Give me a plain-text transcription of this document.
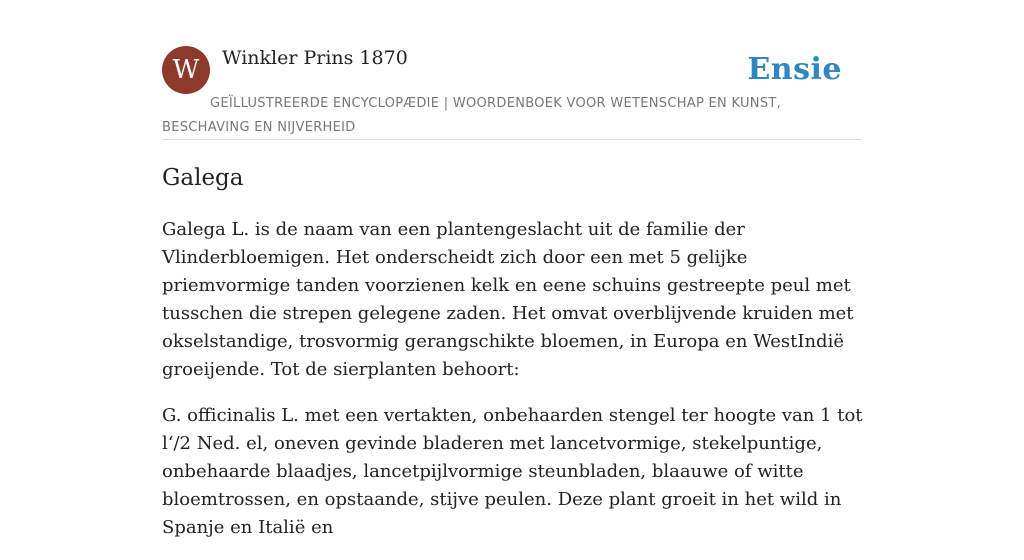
W	Winkler Prins 1870	Ensie
GEÏLLUSTREERDE ENCYCLOPÆDIE | WOORDENBOEK VOOR WETENSCHAP EN KUNST, BESCHAVING EN NIJVERHEID
Galega

Galega L. is de naam van een plantengeslacht uit de familie der Vlinderbloemigen. Het onderscheidt zich door een met 5 gelijke priemvormige tanden voorzienen kelk en eene schuins gestreepte peul met tusschen die strepen gelegene zaden. Het omvat overblijvende kruiden met okselstandige, trosvormig gerangschikte bloemen, in Europa en WestIndië groeijende. Tot de sierplanten behoort:

G. officinalis L. met een vertakten, onbehaarden stengel ter hoogte van 1 tot l‘/2 Ned. el, oneven gevinde bladeren met lancetvormige, stekelpuntige, onbehaarde blaadjes, lancetpijlvormige steunbladen, blaauwe of witte bloemtrossen, en opstaande, stijve peulen. Deze plant groeit in het wild in Spanje en Italië en
